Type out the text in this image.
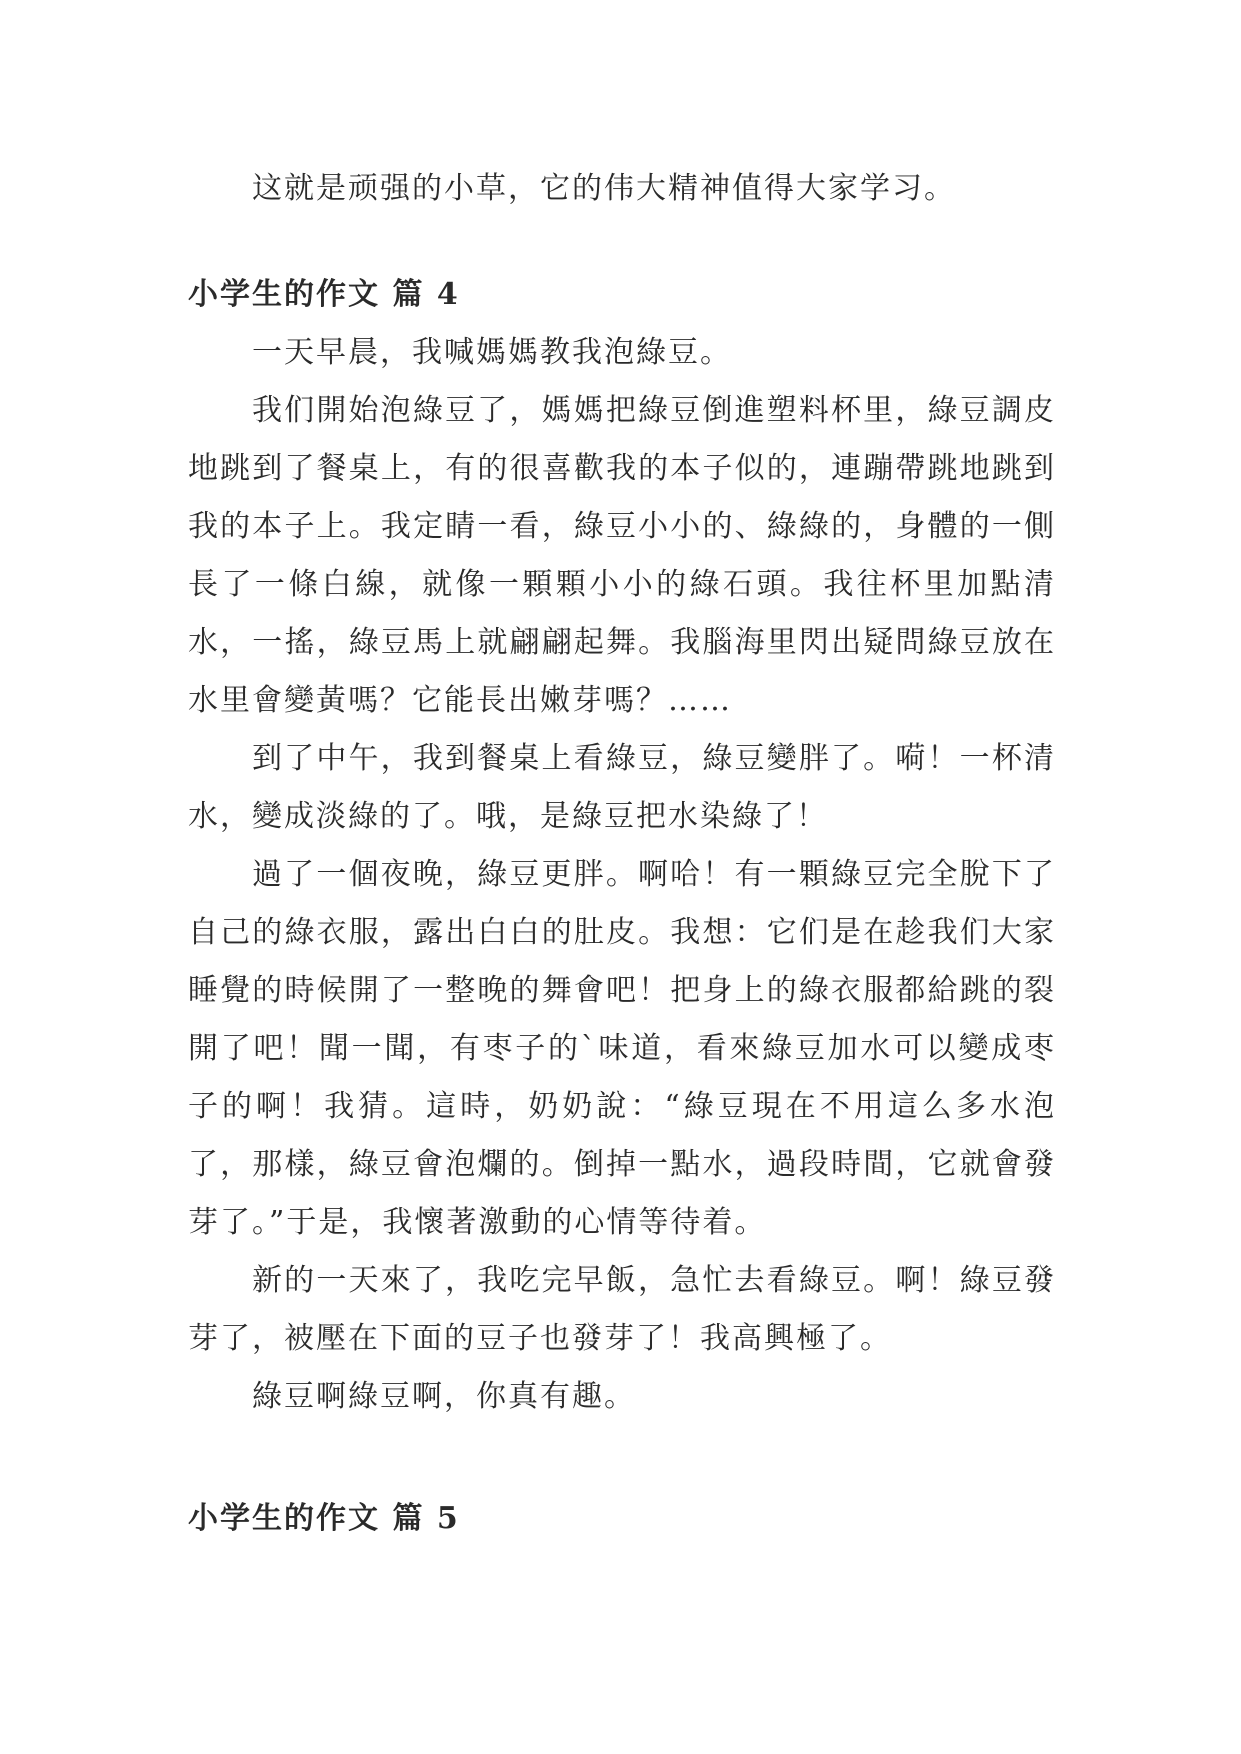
这就是顽强的小草，它的伟大精神值得大家学习。

小学生的作文 篇 4

一天早晨，我喊媽媽教我泡綠豆。

我们開始泡綠豆了，媽媽把綠豆倒進塑料杯里，綠豆調皮地跳到了餐桌上，有的很喜歡我的本子似的，連蹦帶跳地跳到我的本子上。我定睛一看，綠豆小小的、綠綠的，身體的一側長了一條白線，就像一顆顆小小的綠石頭。我往杯里加點清水，一搖，綠豆馬上就翩翩起舞。我腦海里閃出疑問綠豆放在水里會變黃嗎？它能長出嫩芽嗎？……

到了中午，我到餐桌上看綠豆，綠豆變胖了。嗬！一杯清水，變成淡綠的了。哦，是綠豆把水染綠了！

過了一個夜晚，綠豆更胖。啊哈！有一顆綠豆完全脫下了自己的綠衣服，露出白白的肚皮。我想：它们是在趁我们大家睡覺的時候開了一整晚的舞會吧！把身上的綠衣服都給跳的裂開了吧！聞一聞，有枣子的`味道，看來綠豆加水可以變成枣子的啊！我猜。這時，奶奶說：“綠豆現在不用這么多水泡了，那樣，綠豆會泡爛的。倒掉一點水，過段時間，它就會發芽了。”于是，我懷著激動的心情等待着。

新的一天來了，我吃完早飯，急忙去看綠豆。啊！綠豆發芽了，被壓在下面的豆子也發芽了！我高興極了。

綠豆啊綠豆啊，你真有趣。

小学生的作文 篇 5
